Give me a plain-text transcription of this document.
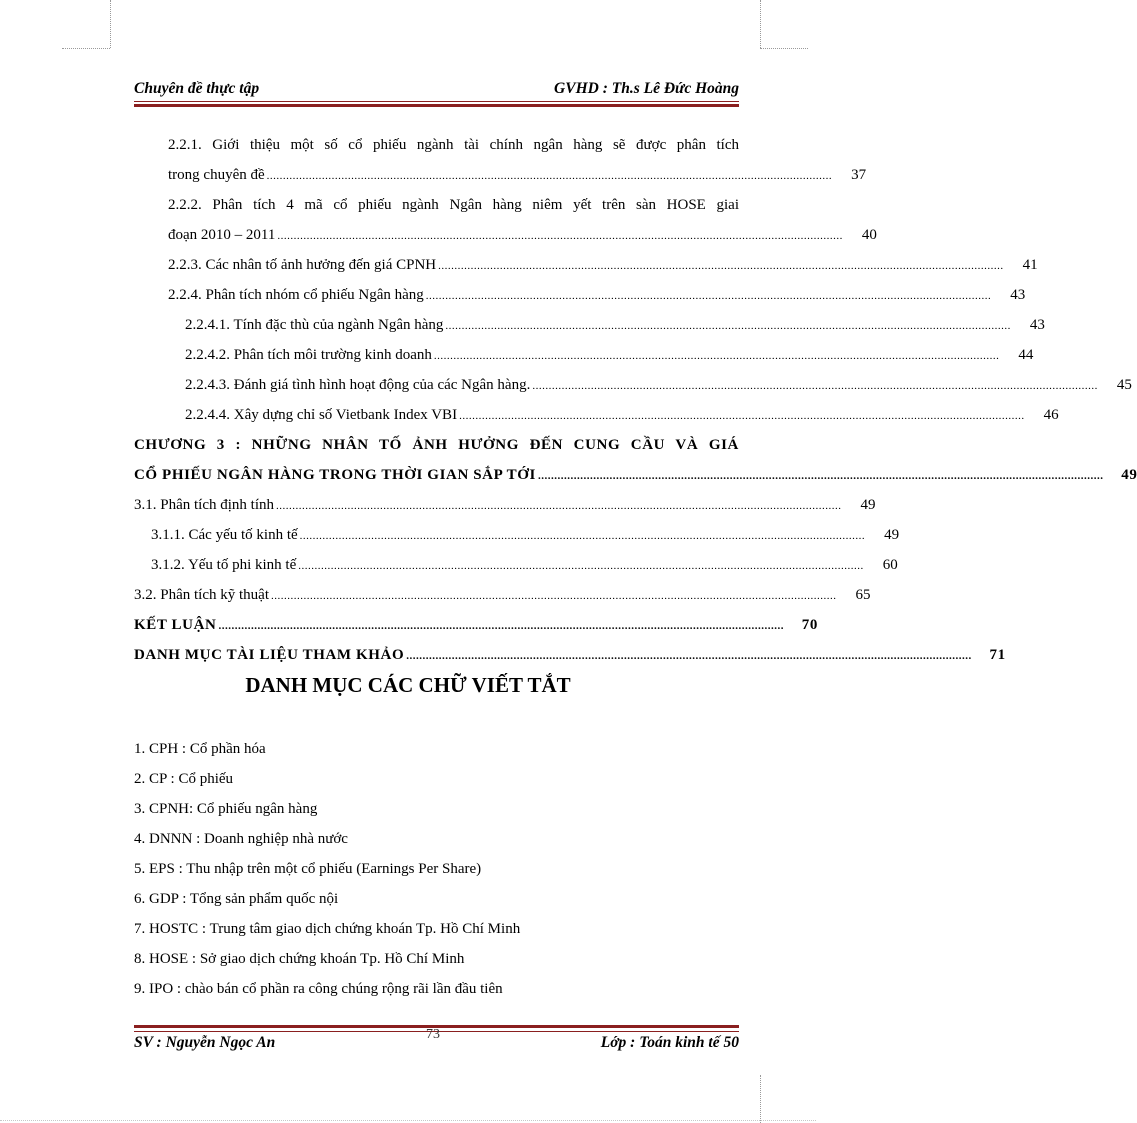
Chuyên đề thực tập	GVHD : Th.s Lê Đức Hoàng
2.2.1. Giới thiệu một số cổ phiếu ngành tài chính ngân hàng sẽ được phân tích
trong chuyên đề ..............................................................................................................................................................................	37
2.2.2. Phân tích 4 mã cổ phiếu ngành Ngân hàng niêm yết trên sàn HOSE giai
đoạn 2010 – 2011 ..............................................................................................................................................................................	40
2.2.3. Các nhân tố ảnh hưởng đến giá CPNH ..............................................................................................................................................................................	41
2.2.4. Phân tích nhóm cổ phiếu Ngân hàng ..............................................................................................................................................................................	43
2.2.4.1. Tính đặc thù của ngành Ngân hàng ..............................................................................................................................................................................	43
2.2.4.2. Phân tích môi trường kinh doanh ..............................................................................................................................................................................	44
2.2.4.3. Đánh giá tình hình hoạt động của các Ngân hàng. ..............................................................................................................................................................................	45
2.2.4.4. Xây dựng chỉ số Vietbank Index VBI ..............................................................................................................................................................................	46
CHƯƠNG 3 : NHỮNG NHÂN TỐ ẢNH HƯỞNG ĐẾN CUNG CẦU VÀ GIÁ
CỔ PHIẾU NGÂN HÀNG TRONG THỜI GIAN SẮP TỚI ..............................................................................................................................................................................	49
3.1. Phân tích định tính ..............................................................................................................................................................................	49
3.1.1. Các yếu tố kinh tế ..............................................................................................................................................................................	49
3.1.2. Yếu tố phi kinh tế ..............................................................................................................................................................................	60
3.2. Phân tích kỹ thuật ..............................................................................................................................................................................	65
KẾT LUẬN ..............................................................................................................................................................................	70
DANH MỤC TÀI LIỆU THAM KHẢO ..............................................................................................................................................................................	71
DANH MỤC CÁC CHỮ VIẾT TẮT
1. CPH : Cổ phần hóa
2. CP : Cổ phiếu
3. CPNH: Cổ phiếu ngân hàng
4. DNNN : Doanh nghiệp nhà nước
5. EPS : Thu nhập trên một cổ phiếu (Earnings Per Share)
6. GDP : Tổng sản phẩm quốc nội
7. HOSTC : Trung tâm giao dịch chứng khoán Tp. Hồ Chí Minh
8. HOSE : Sở giao dịch chứng khoán Tp. Hồ Chí Minh
9. IPO : chào bán cổ phần ra công chúng rộng rãi lần đầu tiên
SV : Nguyễn Ngọc An	73	Lớp : Toán kinh tế 50
